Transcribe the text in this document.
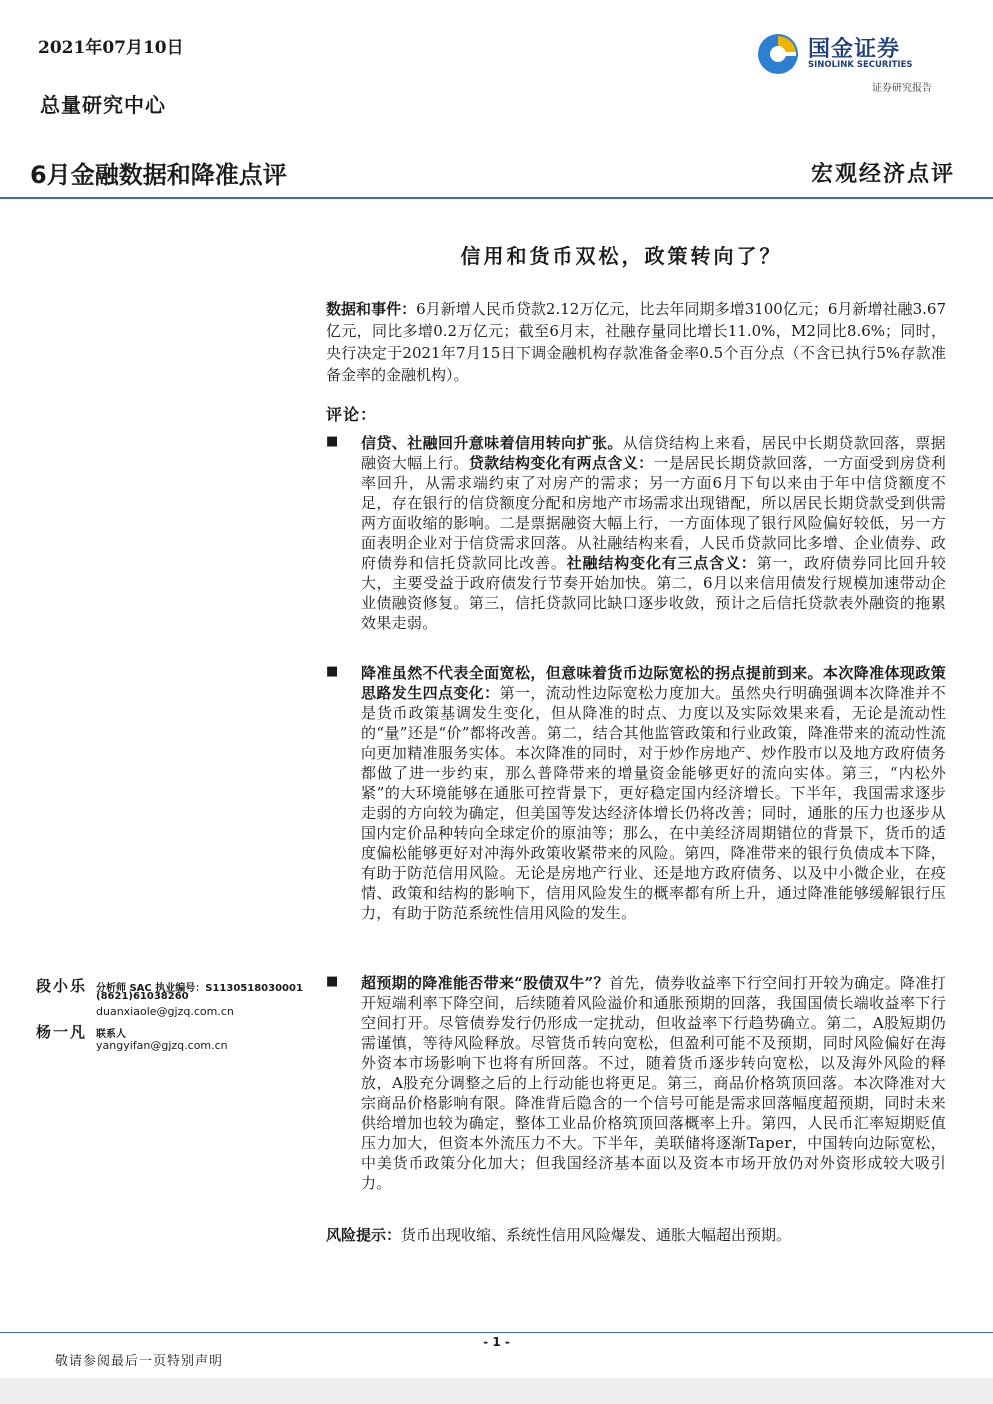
2021年07月10日
总量研究中心
国金证券
SINOLINK SECURITIES
证券研究报告
6月金融数据和降准点评	宏观经济点评
信用和货币双松，政策转向了？
数据和事件：6月新增人民币贷款2.12万亿元，比去年同期多增3100亿元；6月新增社融3.67亿元，同比多增0.2万亿元；截至6月末，社融存量同比增长11.0%，M2同比8.6%；同时，央行决定于2021年7月15日下调金融机构存款准备金率0.5个百分点（不含已执行5%存款准备金率的金融机构）。
评论：
■ 信贷、社融回升意味着信用转向扩张。从信贷结构上来看，居民中长期贷款回落，票据融资大幅上行。贷款结构变化有两点含义：一是居民长期贷款回落，一方面受到房贷利率回升，从需求端约束了对房产的需求；另一方面6月下旬以来由于年中信贷额度不足，存在银行的信贷额度分配和房地产市场需求出现错配，所以居民长期贷款受到供需两方面收缩的影响。二是票据融资大幅上行，一方面体现了银行风险偏好较低，另一方面表明企业对于信贷需求回落。从社融结构来看，人民币贷款同比多增、企业债券、政府债券和信托贷款同比改善。社融结构变化有三点含义：第一，政府债券同比回升较大，主要受益于政府债发行节奏开始加快。第二，6月以来信用债发行规模加速带动企业债融资修复。第三，信托贷款同比缺口逐步收敛，预计之后信托贷款表外融资的拖累效果走弱。
■ 降准虽然不代表全面宽松，但意味着货币边际宽松的拐点提前到来。本次降准体现政策思路发生四点变化：第一，流动性边际宽松力度加大。虽然央行明确强调本次降准并不是货币政策基调发生变化，但从降准的时点、力度以及实际效果来看，无论是流动性的“量”还是“价”都将改善。第二，结合其他监管政策和行业政策，降准带来的流动性流向更加精准服务实体。本次降准的同时，对于炒作房地产、炒作股市以及地方政府债务都做了进一步约束，那么普降带来的增量资金能够更好的流向实体。第三，“内松外紧”的大环境能够在通胀可控背景下，更好稳定国内经济增长。下半年，我国需求逐步走弱的方向较为确定，但美国等发达经济体增长仍将改善；同时，通胀的压力也逐步从国内定价品种转向全球定价的原油等；那么，在中美经济周期错位的背景下，货币的适度偏松能够更好对冲海外政策收紧带来的风险。第四，降准带来的银行负债成本下降，有助于防范信用风险。无论是房地产行业、还是地方政府债务、以及中小微企业，在疫情、政策和结构的影响下，信用风险发生的概率都有所上升，通过降准能够缓解银行压力，有助于防范系统性信用风险的发生。
■ 超预期的降准能否带来“股债双牛”？首先，债券收益率下行空间打开较为确定。降准打开短端利率下降空间，后续随着风险溢价和通胀预期的回落，我国国债长端收益率下行空间打开。尽管债券发行仍形成一定扰动，但收益率下行趋势确立。第二，A股短期仍需谨慎，等待风险释放。尽管货币转向宽松，但盈利可能不及预期，同时风险偏好在海外资本市场影响下也将有所回落。不过，随着货币逐步转向宽松，以及海外风险的释放，A股充分调整之后的上行动能也将更足。第三，商品价格筑顶回落。本次降准对大宗商品价格影响有限。降准背后隐含的一个信号可能是需求回落幅度超预期，同时未来供给增加也较为确定，整体工业品价格筑顶回落概率上升。第四，人民币汇率短期贬值压力加大，但资本外流压力不大。下半年，美联储将逐渐Taper，中国转向边际宽松，中美货币政策分化加大；但我国经济基本面以及资本市场开放仍对外资形成较大吸引力。
风险提示：货币出现收缩、系统性信用风险爆发、通胀大幅超出预期。
段小乐 分析师 SAC 执业编号：S1130518030001
(8621)61038260
duanxiaole@gjzq.com.cn
杨一凡 联系人
yangyifan@gjzq.com.cn
- 1 -
敬请参阅最后一页特别声明
